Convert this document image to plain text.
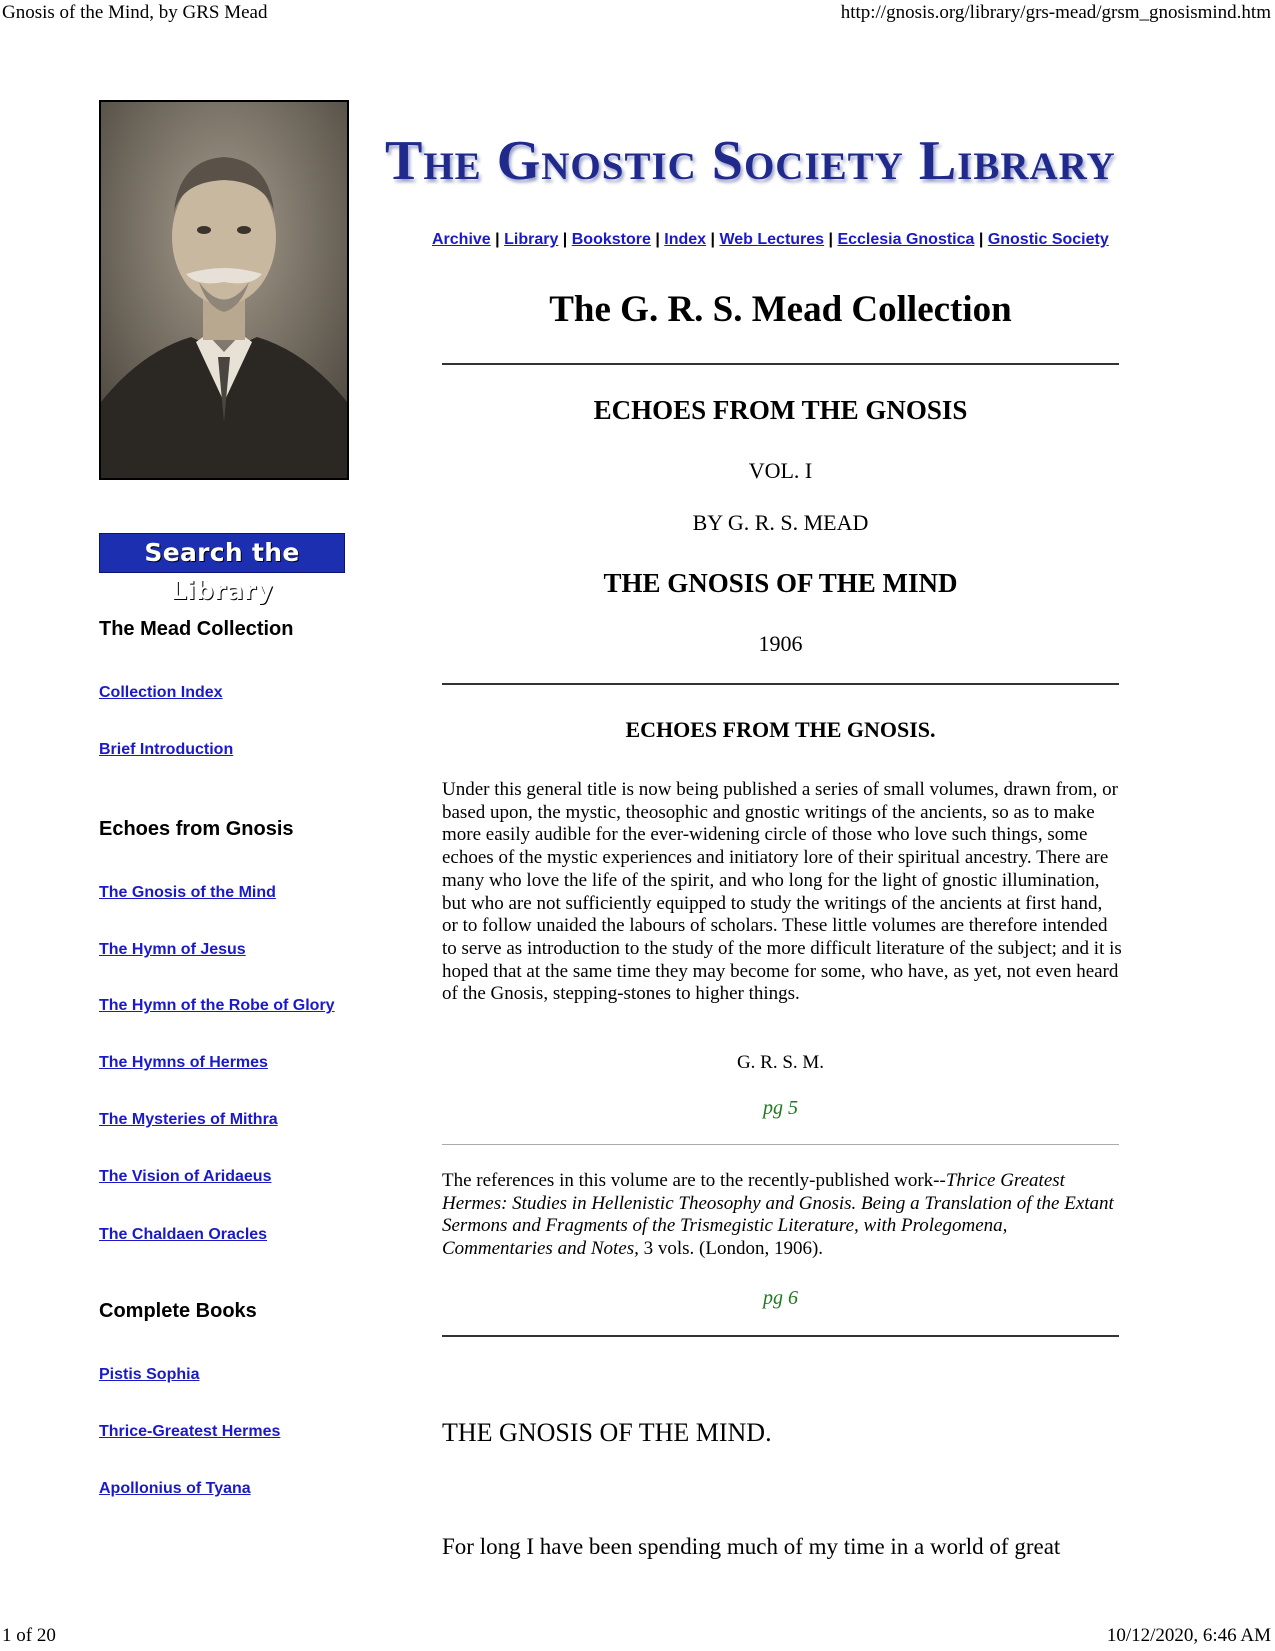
Gnosis of the Mind, by GRS Mead	http://gnosis.org/library/grs-mead/grsm_gnosismind.htm
Search the Library
The Mead Collection
Collection Index
Brief Introduction
Echoes from Gnosis
The Gnosis of the Mind
The Hymn of Jesus
The Hymn of the Robe of Glory
The Hymns of Hermes
The Mysteries of Mithra
The Vision of Aridaeus
The Chaldaen Oracles
Complete Books
Pistis Sophia
Thrice-Greatest Hermes
Apollonius of Tyana
The Gnostic Society Library
Archive | Library | Bookstore | Index | Web Lectures | Ecclesia Gnostica | Gnostic Society
The G. R. S. Mead Collection
ECHOES FROM THE GNOSIS
VOL. I
BY G. R. S. MEAD
THE GNOSIS OF THE MIND
1906
ECHOES FROM THE GNOSIS.
Under this general title is now being published a series of small volumes, drawn from, or based upon, the mystic, theosophic and gnostic writings of the ancients, so as to make more easily audible for the ever-widening circle of those who love such things, some echoes of the mystic experiences and initiatory lore of their spiritual ancestry. There are many who love the life of the spirit, and who long for the light of gnostic illumination, but who are not sufficiently equipped to study the writings of the ancients at first hand, or to follow unaided the labours of scholars. These little volumes are therefore intended to serve as introduction to the study of the more difficult literature of the subject; and it is hoped that at the same time they may become for some, who have, as yet, not even heard of the Gnosis, stepping-stones to higher things.
G. R. S. M.
pg 5
The references in this volume are to the recently-published work--Thrice Greatest Hermes: Studies in Hellenistic Theosophy and Gnosis. Being a Translation of the Extant Sermons and Fragments of the Trismegistic Literature, with Prolegomena, Commentaries and Notes, 3 vols. (London, 1906).
pg 6
THE GNOSIS OF THE MIND.
For long I have been spending much of my time in a world of great
1 of 20	10/12/2020, 6:46 AM
